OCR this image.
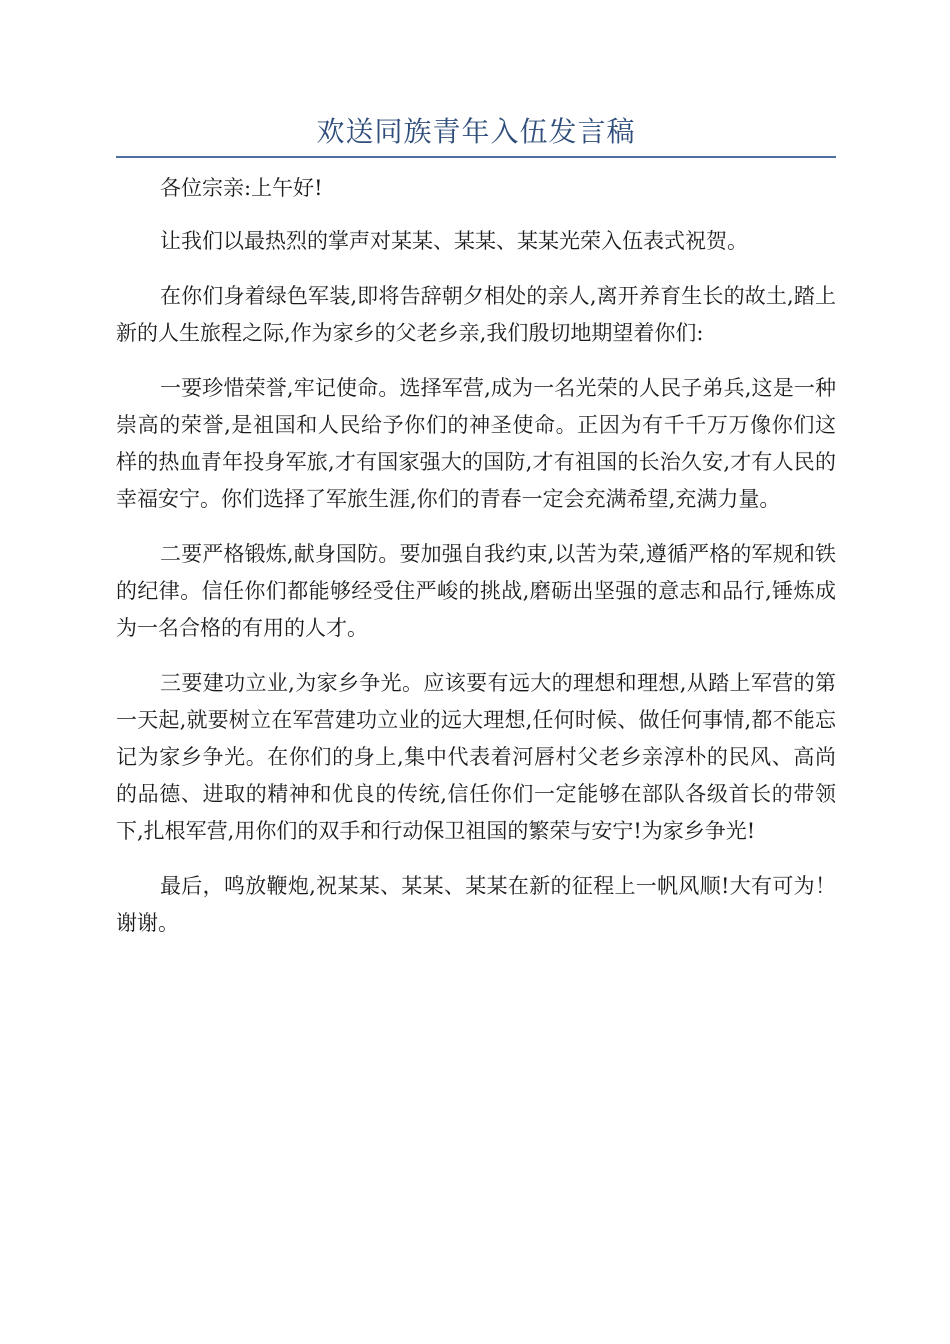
欢送同族青年入伍发言稿

各位宗亲:上午好!

让我们以最热烈的掌声对某某、某某、某某光荣入伍表式祝贺。

在你们身着绿色军装,即将告辞朝夕相处的亲人,离开养育生长的故土,踏上新的人生旅程之际,作为家乡的父老乡亲,我们殷切地期望着你们:

一要珍惜荣誉,牢记使命。选择军营,成为一名光荣的人民子弟兵,这是一种崇高的荣誉,是祖国和人民给予你们的神圣使命。正因为有千千万万像你们这样的热血青年投身军旅,才有国家强大的国防,才有祖国的长治久安,才有人民的幸福安宁。你们选择了军旅生涯,你们的青春一定会充满希望,充满力量。

二要严格锻炼,献身国防。要加强自我约束,以苦为荣,遵循严格的军规和铁的纪律。信任你们都能够经受住严峻的挑战,磨砺出坚强的意志和品行,锤炼成为一名合格的有用的人才。

三要建功立业,为家乡争光。应该要有远大的理想和理想,从踏上军营的第一天起,就要树立在军营建功立业的远大理想,任何时候、做任何事情,都不能忘记为家乡争光。在你们的身上,集中代表着河唇村父老乡亲淳朴的民风、高尚的品德、进取的精神和优良的传统,信任你们一定能够在部队各级首长的带领下,扎根军营,用你们的双手和行动保卫祖国的繁荣与安宁!为家乡争光!

最后，鸣放鞭炮,祝某某、某某、某某在新的征程上一帆风顺!大有可为！谢谢。
